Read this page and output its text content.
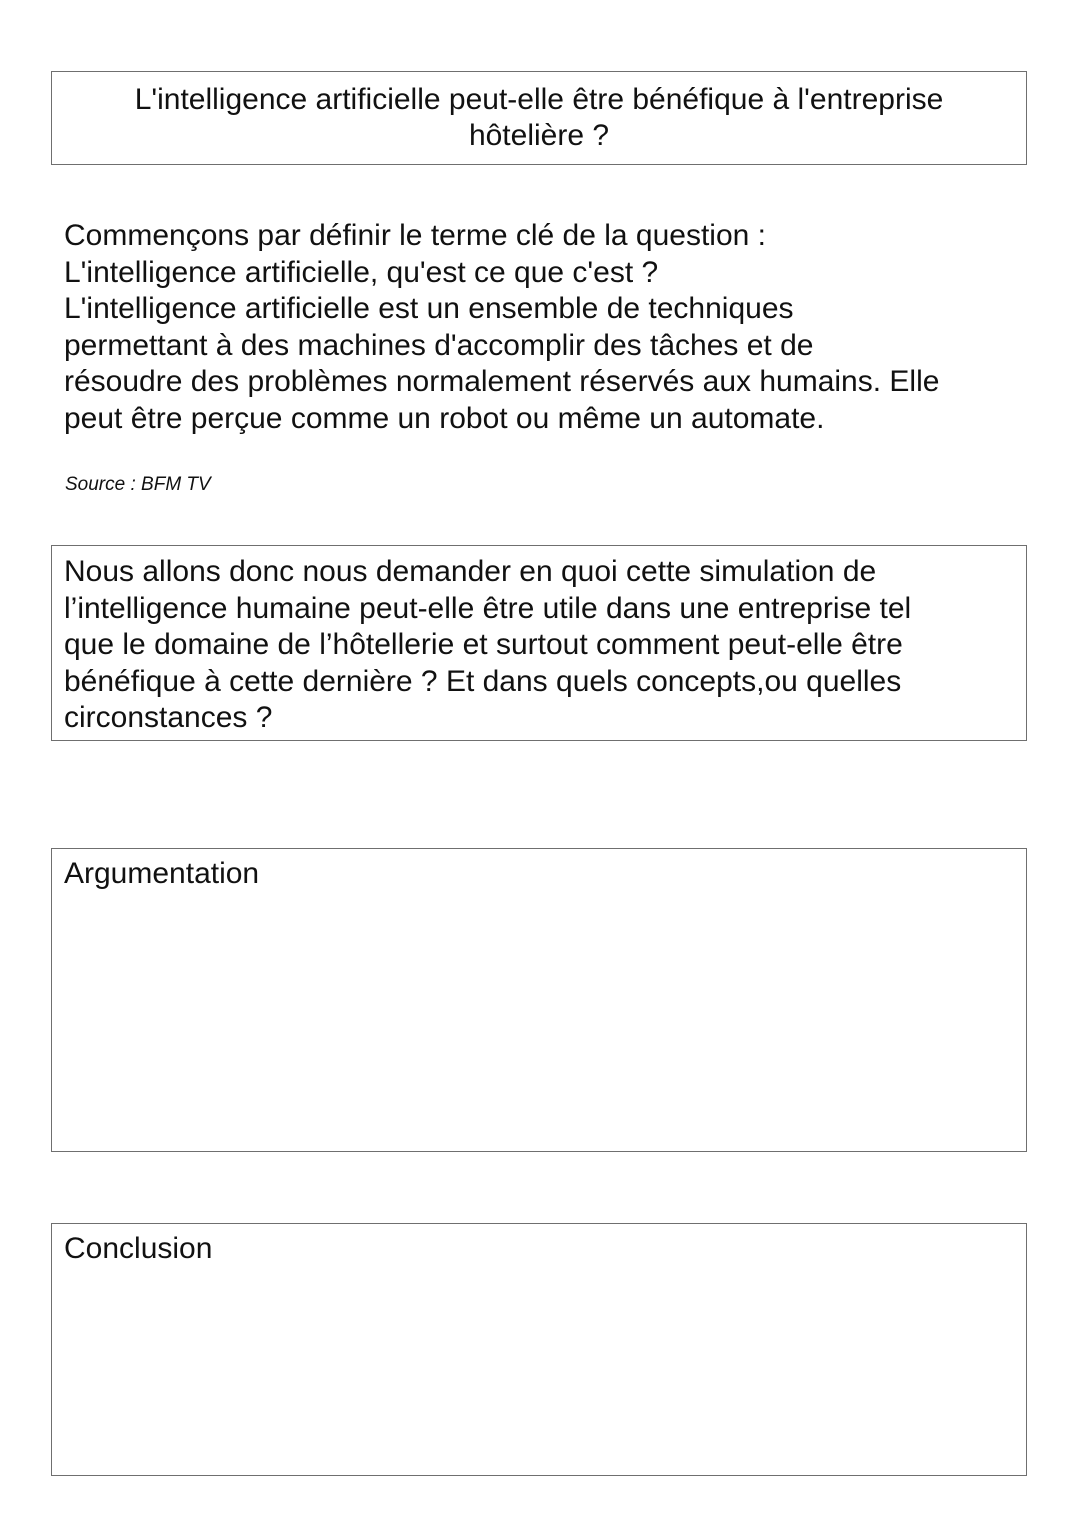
L'intelligence artificielle peut-elle être bénéfique à l'entreprise
hôtelière ?

Commençons par définir le terme clé de la question :

L'intelligence artificielle, qu'est ce que c'est ?

L'intelligence artificielle est un ensemble de techniques

permettant à des machines d'accomplir des tâches et de

résoudre des problèmes normalement réservés aux humains. Elle

peut être perçue comme un robot ou même un automate.

Source : BFM TV

Nous allons donc nous demander en quoi cette simulation de

l’intelligence humaine peut-elle être utile dans une entreprise tel

que le domaine de l’hôtellerie et surtout comment peut-elle être

bénéfique à cette dernière ? Et dans quels concepts,ou quelles

circonstances ?

Argumentation
Conclusion
